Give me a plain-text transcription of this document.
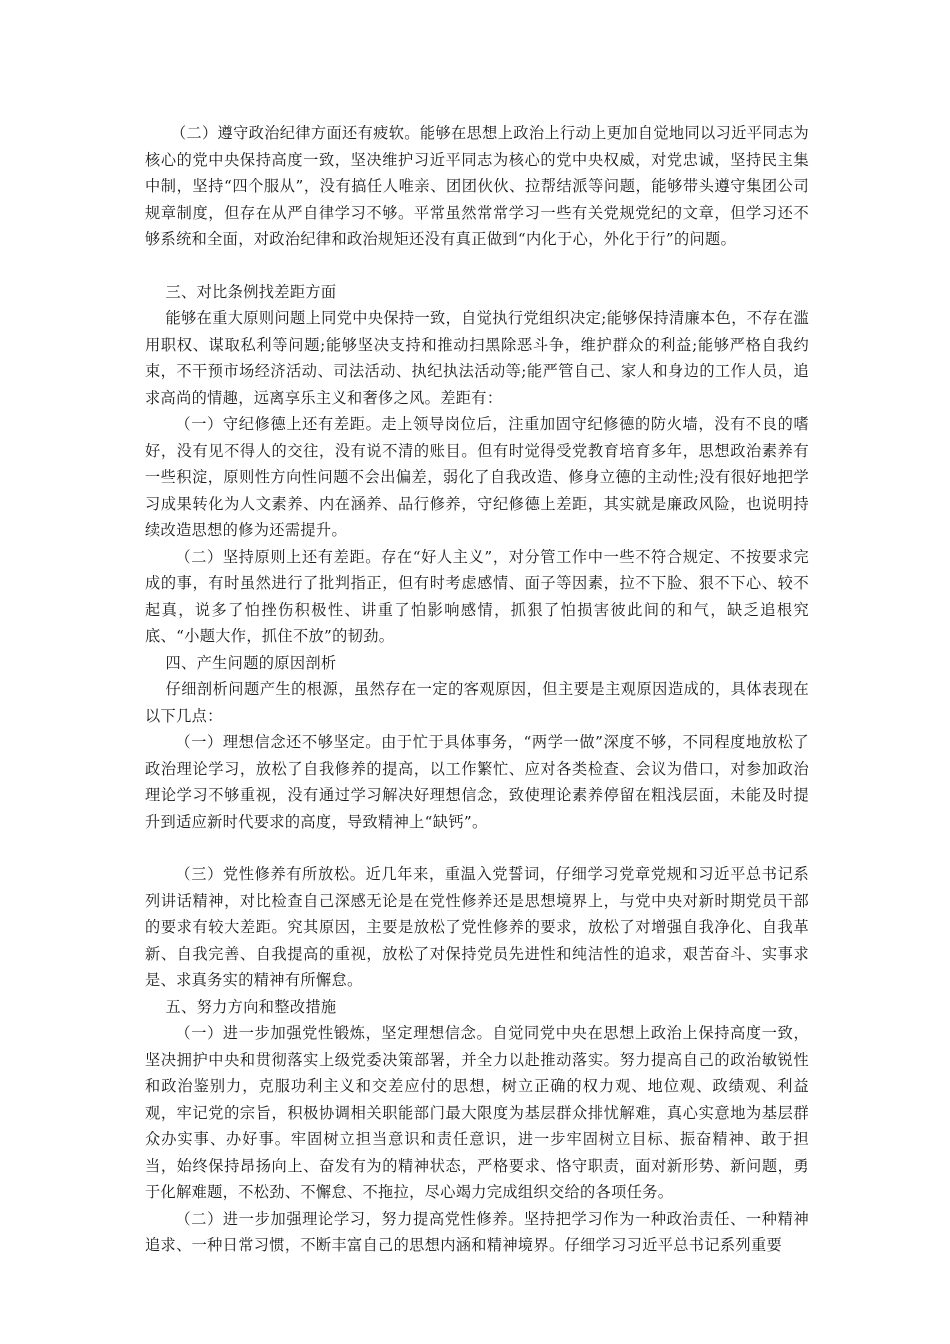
（二）遵守政治纪律方面还有疲软。能够在思想上政治上行动上更加自觉地同以习近平同志为核心的党中央保持高度一致，坚决维护习近平同志为核心的党中央权威，对党忠诚，坚持民主集中制，坚持“四个服从”，没有搞任人唯亲、团团伙伙、拉帮结派等问题，能够带头遵守集团公司规章制度，但存在从严自律学习不够。平常虽然常常学习一些有关党规党纪的文章，但学习还不够系统和全面，对政治纪律和政治规矩还没有真正做到“内化于心，外化于行”的问题。

三、对比条例找差距方面

能够在重大原则问题上同党中央保持一致，自觉执行党组织决定;能够保持清廉本色，不存在滥用职权、谋取私利等问题;能够坚决支持和推动扫黑除恶斗争，维护群众的利益;能够严格自我约束，不干预市场经济活动、司法活动、执纪执法活动等;能严管自己、家人和身边的工作人员，追求高尚的情趣，远离享乐主义和奢侈之风。差距有：

（一）守纪修德上还有差距。走上领导岗位后，注重加固守纪修德的防火墙，没有不良的嗜好，没有见不得人的交往，没有说不清的账目。但有时觉得受党教育培育多年，思想政治素养有一些积淀，原则性方向性问题不会出偏差，弱化了自我改造、修身立德的主动性;没有很好地把学习成果转化为人文素养、内在涵养、品行修养，守纪修德上差距，其实就是廉政风险，也说明持续改造思想的修为还需提升。

（二）坚持原则上还有差距。存在“好人主义”，对分管工作中一些不符合规定、不按要求完成的事，有时虽然进行了批判指正，但有时考虑感情、面子等因素，拉不下脸、狠不下心、较不起真，说多了怕挫伤积极性、讲重了怕影响感情，抓狠了怕损害彼此间的和气，缺乏追根究底、“小题大作，抓住不放”的韧劲。

四、产生问题的原因剖析

仔细剖析问题产生的根源，虽然存在一定的客观原因，但主要是主观原因造成的，具体表现在以下几点：

（一）理想信念还不够坚定。由于忙于具体事务，“两学一做”深度不够，不同程度地放松了政治理论学习，放松了自我修养的提高，以工作繁忙、应对各类检查、会议为借口，对参加政治理论学习不够重视，没有通过学习解决好理想信念，致使理论素养停留在粗浅层面，未能及时提升到适应新时代要求的高度，导致精神上“缺钙”。

（三）党性修养有所放松。近几年来，重温入党誓词，仔细学习党章党规和习近平总书记系列讲话精神，对比检查自己深感无论是在党性修养还是思想境界上，与党中央对新时期党员干部的要求有较大差距。究其原因，主要是放松了党性修养的要求，放松了对增强自我净化、自我革新、自我完善、自我提高的重视，放松了对保持党员先进性和纯洁性的追求，艰苦奋斗、实事求是、求真务实的精神有所懈怠。

五、努力方向和整改措施

（一）进一步加强党性锻炼，坚定理想信念。自觉同党中央在思想上政治上保持高度一致，坚决拥护中央和贯彻落实上级党委决策部署，并全力以赴推动落实。努力提高自己的政治敏锐性和政治鉴别力，克服功利主义和交差应付的思想，树立正确的权力观、地位观、政绩观、利益观，牢记党的宗旨，积极协调相关职能部门最大限度为基层群众排忧解难，真心实意地为基层群众办实事、办好事。牢固树立担当意识和责任意识，进一步牢固树立目标、振奋精神、敢于担当，始终保持昂扬向上、奋发有为的精神状态，严格要求、恪守职责，面对新形势、新问题，勇于化解难题，不松劲、不懈怠、不拖拉，尽心竭力完成组织交给的各项任务。

（二）进一步加强理论学习，努力提高党性修养。坚持把学习作为一种政治责任、一种精神追求、一种日常习惯，不断丰富自己的思想内涵和精神境界。仔细学习习近平总书记系列重要
